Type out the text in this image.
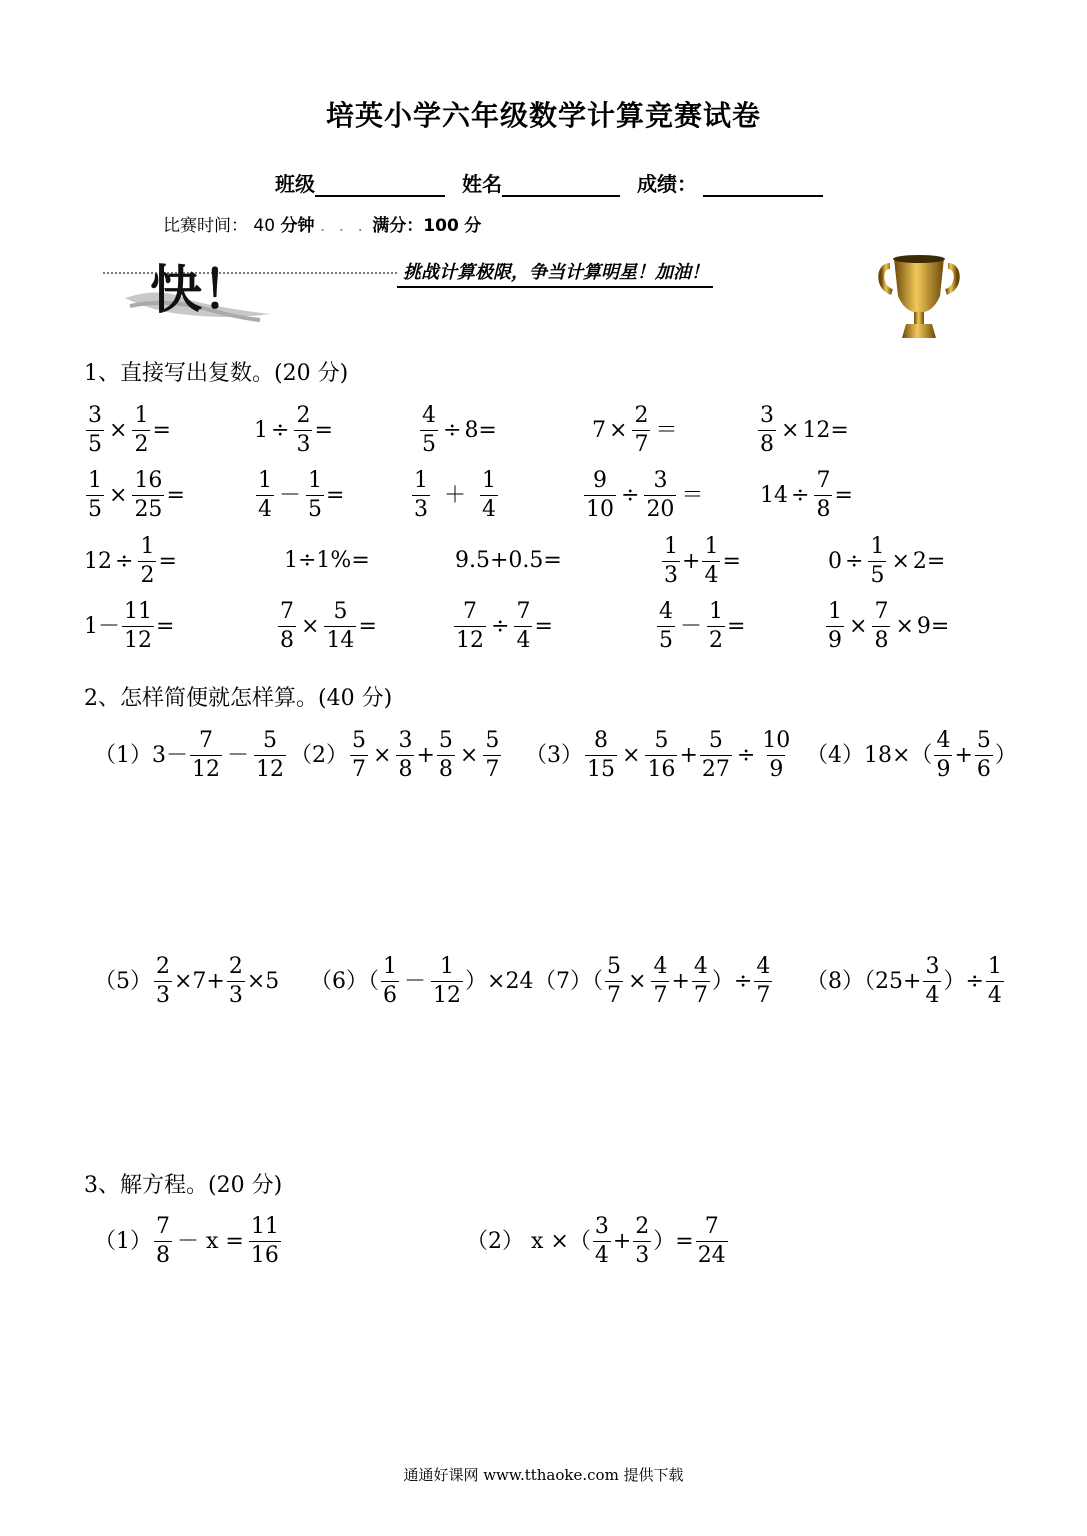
培英小学六年级数学计算竞赛试卷
班级	姓名	成绩：
比赛时间： 40 分钟 . . . 满分：100 分
快！	挑战计算极限，争当计算明星！加油！
1、直接写出复数。(20 分)
$\frac{3}{5} \times \frac{1}{2}$ =	$1 \div \frac{2}{3}$ =	$\frac{4}{5} \div 8=$	$7 \times \frac{2}{7}$ ＝	$\frac{3}{8} \times 12=$
$\frac{1}{5} \times \frac{16}{25}$ =	$\frac{1}{4} - \frac{1}{5}$ =	$\frac{1}{3} + \frac{1}{4}$	$\frac{9}{10} \div \frac{3}{20}$ ＝	$14 \div \frac{7}{8}$ =
$12 \div \frac{1}{2}$ =	1÷1%=	9.5+0.5=	$\frac{1}{3} + \frac{1}{4}$ =	$0 \div \frac{1}{5} \times 2=$
$1- \frac{11}{12}$ =	$\frac{7}{8} \times \frac{5}{14}$ =	$\frac{7}{12} \div \frac{7}{4}$ =	$\frac{4}{5} - \frac{1}{2}$ =	$\frac{1}{9} \times \frac{7}{8} \times 9=$
2、怎样简便就怎样算。(40 分)
$(1)3- \frac{7}{12} - \frac{5}{12} (2) \frac{5}{7} \times \frac{3}{8} + \frac{5}{8} \times \frac{5}{7} (3) \frac{8}{15} \times \frac{5}{16} + \frac{5}{27} \div \frac{10}{9} (4)18\times( \frac{4}{9} + \frac{5}{6}$ ）
$(5) \frac{2}{3} \times 7+ \frac{2}{3} \times 5$ $(6)( \frac{1}{6} - \frac{1}{12} )\times 24$ $(7)( \frac{5}{7} \times \frac{4}{7} + \frac{4}{7}$ ）÷ $\frac{4}{7} (8)(25+ \frac{3}{4}$ ）÷ $\frac{1}{4}$
3、解方程。(20 分)
$(1) \frac{7}{8} - x = \frac{11}{16}$	（2） x ×（ $\frac{3}{4} + \frac{2}{3}$ ）= $\frac{7}{24}$
通通好课网 www.tthaoke.com 提供下载
